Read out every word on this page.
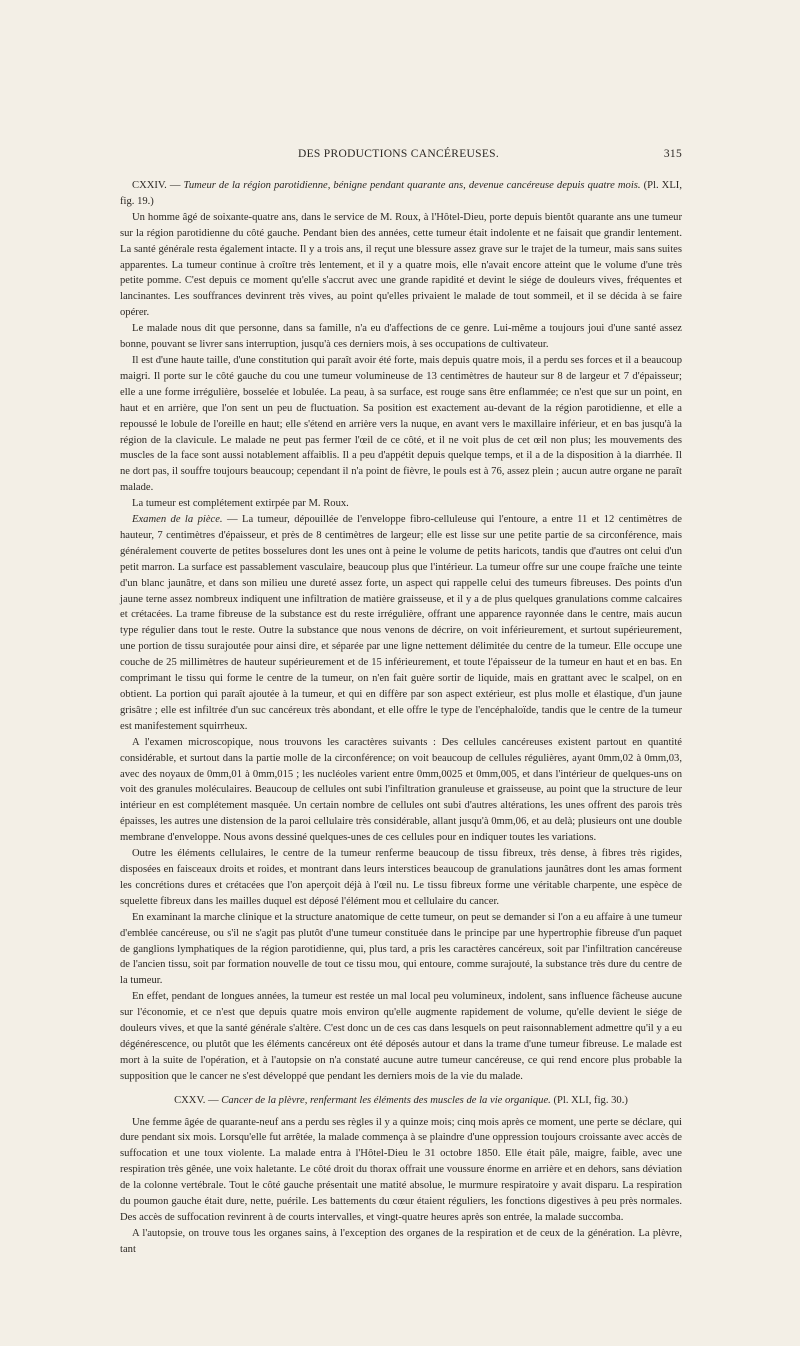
DES PRODUCTIONS CANCÉREUSES.	315

CXXIV. — Tumeur de la région parotidienne, bénigne pendant quarante ans, devenue cancéreuse depuis quatre mois. (Pl. XLI, fig. 19.)

Un homme âgé de soixante-quatre ans, dans le service de M. Roux, à l'Hôtel-Dieu, porte depuis bientôt quarante ans une tumeur sur la région parotidienne du côté gauche. Pendant bien des années, cette tumeur était indolente et ne faisait que grandir lentement. La santé générale resta également intacte. Il y a trois ans, il reçut une blessure assez grave sur le trajet de la tumeur, mais sans suites apparentes. La tumeur continue à croître très lentement, et il y a quatre mois, elle n'avait encore atteint que le volume d'une très petite pomme. C'est depuis ce moment qu'elle s'accrut avec une grande rapidité et devint le siége de douleurs vives, fréquentes et lancinantes. Les souffrances devinrent très vives, au point qu'elles privaient le malade de tout sommeil, et il se décida à se faire opérer.

Le malade nous dit que personne, dans sa famille, n'a eu d'affections de ce genre. Lui-même a toujours joui d'une santé assez bonne, pouvant se livrer sans interruption, jusqu'à ces derniers mois, à ses occupations de cultivateur.

Il est d'une haute taille, d'une constitution qui paraît avoir été forte, mais depuis quatre mois, il a perdu ses forces et il a beaucoup maigri. Il porte sur le côté gauche du cou une tumeur volumineuse de 13 centimètres de hauteur sur 8 de largeur et 7 d'épaisseur; elle a une forme irrégulière, bosselée et lobulée. La peau, à sa surface, est rouge sans être enflammée; ce n'est que sur un point, en haut et en arrière, que l'on sent un peu de fluctuation. Sa position est exactement au-devant de la région parotidienne, et elle a repoussé le lobule de l'oreille en haut; elle s'étend en arrière vers la nuque, en avant vers le maxillaire inférieur, et en bas jusqu'à la région de la clavicule. Le malade ne peut pas fermer l'œil de ce côté, et il ne voit plus de cet œil non plus; les mouvements des muscles de la face sont aussi notablement affaiblis. Il a peu d'appétit depuis quelque temps, et il a de la disposition à la diarrhée. Il ne dort pas, il souffre toujours beaucoup; cependant il n'a point de fièvre, le pouls est à 76, assez plein ; aucun autre organe ne paraît malade.

La tumeur est complétement extirpée par M. Roux.

Examen de la pièce. — La tumeur, dépouillée de l'enveloppe fibro-celluleuse qui l'entoure, a entre 11 et 12 centimètres de hauteur, 7 centimètres d'épaisseur, et près de 8 centimètres de largeur; elle est lisse sur une petite partie de sa circonférence, mais généralement couverte de petites bosselures dont les unes ont à peine le volume de petits haricots, tandis que d'autres ont celui d'un petit marron. La surface est passablement vasculaire, beaucoup plus que l'intérieur. La tumeur offre sur une coupe fraîche une teinte d'un blanc jaunâtre, et dans son milieu une dureté assez forte, un aspect qui rappelle celui des tumeurs fibreuses. Des points d'un jaune terne assez nombreux indiquent une infiltration de matière graisseuse, et il y a de plus quelques granulations comme calcaires et crétacées. La trame fibreuse de la substance est du reste irrégulière, offrant une apparence rayonnée dans le centre, mais aucun type régulier dans tout le reste. Outre la substance que nous venons de décrire, on voit inférieurement, et surtout supérieurement, une portion de tissu surajoutée pour ainsi dire, et séparée par une ligne nettement délimitée du centre de la tumeur. Elle occupe une couche de 25 millimètres de hauteur supérieurement et de 15 inférieurement, et toute l'épaisseur de la tumeur en haut et en bas. En comprimant le tissu qui forme le centre de la tumeur, on n'en fait guère sortir de liquide, mais en grattant avec le scalpel, on en obtient. La portion qui paraît ajoutée à la tumeur, et qui en diffère par son aspect extérieur, est plus molle et élastique, d'un jaune grisâtre ; elle est infiltrée d'un suc cancéreux très abondant, et elle offre le type de l'encéphaloïde, tandis que le centre de la tumeur est manifestement squirrheux.

A l'examen microscopique, nous trouvons les caractères suivants : Des cellules cancéreuses existent partout en quantité considérable, et surtout dans la partie molle de la circonférence; on voit beaucoup de cellules régulières, ayant 0mm,02 à 0mm,03, avec des noyaux de 0mm,01 à 0mm,015 ; les nucléoles varient entre 0mm,0025 et 0mm,005, et dans l'intérieur de quelques-uns on voit des granules moléculaires. Beaucoup de cellules ont subi l'infiltration granuleuse et graisseuse, au point que la structure de leur intérieur en est complétement masquée. Un certain nombre de cellules ont subi d'autres altérations, les unes offrent des parois très épaisses, les autres une distension de la paroi cellulaire très considérable, allant jusqu'à 0mm,06, et au delà; plusieurs ont une double membrane d'enveloppe. Nous avons dessiné quelques-unes de ces cellules pour en indiquer toutes les variations.

Outre les éléments cellulaires, le centre de la tumeur renferme beaucoup de tissu fibreux, très dense, à fibres très rigides, disposées en faisceaux droits et roides, et montrant dans leurs interstices beaucoup de granulations jaunâtres dont les amas forment les concrétions dures et crétacées que l'on aperçoit déjà à l'œil nu. Le tissu fibreux forme une véritable charpente, une espèce de squelette fibreux dans les mailles duquel est déposé l'élément mou et cellulaire du cancer.

En examinant la marche clinique et la structure anatomique de cette tumeur, on peut se demander si l'on a eu affaire à une tumeur d'emblée cancéreuse, ou s'il ne s'agit pas plutôt d'une tumeur constituée dans le principe par une hypertrophie fibreuse d'un paquet de ganglions lymphatiques de la région parotidienne, qui, plus tard, a pris les caractères cancéreux, soit par l'infiltration cancéreuse de l'ancien tissu, soit par formation nouvelle de tout ce tissu mou, qui entoure, comme surajouté, la substance très dure du centre de la tumeur.

En effet, pendant de longues années, la tumeur est restée un mal local peu volumineux, indolent, sans influence fâcheuse aucune sur l'économie, et ce n'est que depuis quatre mois environ qu'elle augmente rapidement de volume, qu'elle devient le siége de douleurs vives, et que la santé générale s'altère. C'est donc un de ces cas dans lesquels on peut raisonnablement admettre qu'il y a eu dégénérescence, ou plutôt que les éléments cancéreux ont été déposés autour et dans la trame d'une tumeur fibreuse. Le malade est mort à la suite de l'opération, et à l'autopsie on n'a constaté aucune autre tumeur cancéreuse, ce qui rend encore plus probable la supposition que le cancer ne s'est développé que pendant les derniers mois de la vie du malade.

CXXV. — Cancer de la plèvre, renfermant les éléments des muscles de la vie organique. (Pl. XLI, fig. 30.)

Une femme âgée de quarante-neuf ans a perdu ses règles il y a quinze mois; cinq mois après ce moment, une perte se déclare, qui dure pendant six mois. Lorsqu'elle fut arrêtée, la malade commença à se plaindre d'une oppression toujours croissante avec accès de suffocation et une toux violente. La malade entra à l'Hôtel-Dieu le 31 octobre 1850. Elle était pâle, maigre, faible, avec une respiration très gênée, une voix haletante. Le côté droit du thorax offrait une voussure énorme en arrière et en dehors, sans déviation de la colonne vertébrale. Tout le côté gauche présentait une matité absolue, le murmure respiratoire y avait disparu. La respiration du poumon gauche était dure, nette, puérile. Les battements du cœur étaient réguliers, les fonctions digestives à peu près normales. Des accès de suffocation revinrent à de courts intervalles, et vingt-quatre heures après son entrée, la malade succomba.

A l'autopsie, on trouve tous les organes sains, à l'exception des organes de la respiration et de ceux de la génération. La plèvre, tant
